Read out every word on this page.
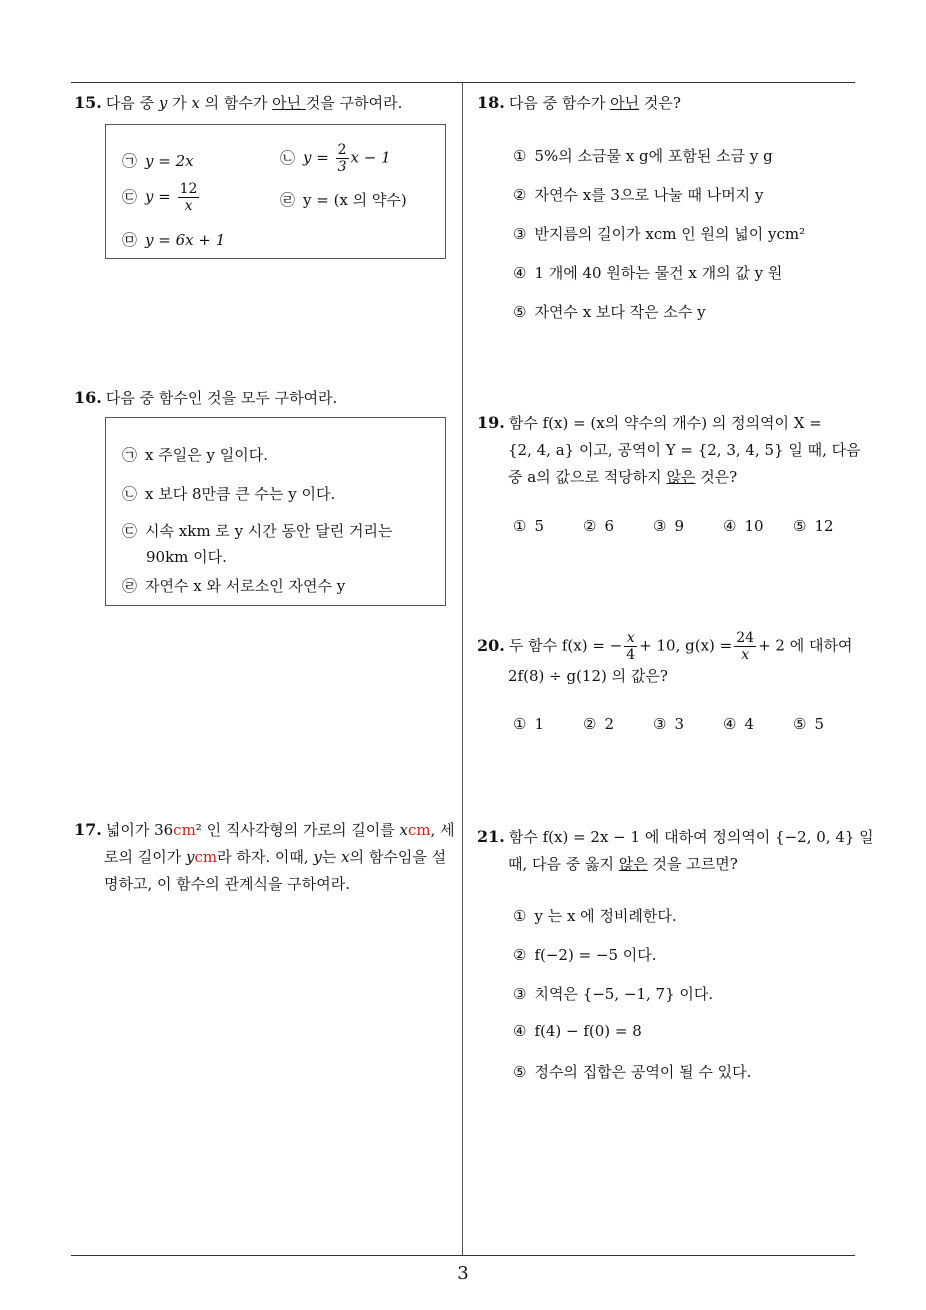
3
15. 다음 중 y 가 x 의 함수가 아닌 것을 구하여라.
㉠ y = 2x	㉡ $y = \frac{2}{3}$ x − 1
㉢ $y = \frac{12}{x}$	㉣ y = (x 의 약수)
㉤ y = 6x + 1
16. 다음 중 함수인 것을 모두 구하여라.
㉠ x 주일은 y 일이다.
㉡ x 보다 8만큼 큰 수는 y 이다.
㉢ 시속 xkm 로 y 시간 동안 달린 거리는
90km 이다.
㉣ 자연수 x 와 서로소인 자연수 y
17. 넓이가 36cm² 인 직사각형의 가로의 길이를 xcm, 세
로의 길이가 ycm라 하자. 이때, y는 x의 함수임을 설
명하고, 이 함수의 관계식을 구하여라.
18. 다음 중 함수가 아닌 것은?
① 5%의 소금물 x g에 포함된 소금 y g
② 자연수 x를 3으로 나눌 때 나머지 y
③ 반지름의 길이가 xcm 인 원의 넓이 ycm²
④ 1 개에 40 원하는 물건 x 개의 값 y 원
⑤ 자연수 x 보다 작은 소수 y
19. 함수 f(x) = (x의 약수의 개수) 의 정의역이 X =
{2, 4, a} 이고, 공역이 Y = {2, 3, 4, 5} 일 때, 다음
중 a의 값으로 적당하지 않은 것은?
① 5	② 6	③ 9	④ 10 ⑤ 12
20. 두 함수 f(x) = − $\frac{x}{4} + 10$, $g(x) = \frac{24}{x} + 2$ 에 대하여
2f(8) ÷ g(12) 의 값은?
① 1	② 2	③ 3	④ 4	⑤ 5
21. 함수 f(x) = 2x − 1 에 대하여 정의역이 {−2, 0, 4} 일
때, 다음 중 옳지 않은 것을 고르면?
① y 는 x 에 정비례한다.
② f(−2) = −5 이다.
③ 치역은 {−5, −1, 7} 이다.
④ f(4) − f(0) = 8
⑤ 정수의 집합은 공역이 될 수 있다.
